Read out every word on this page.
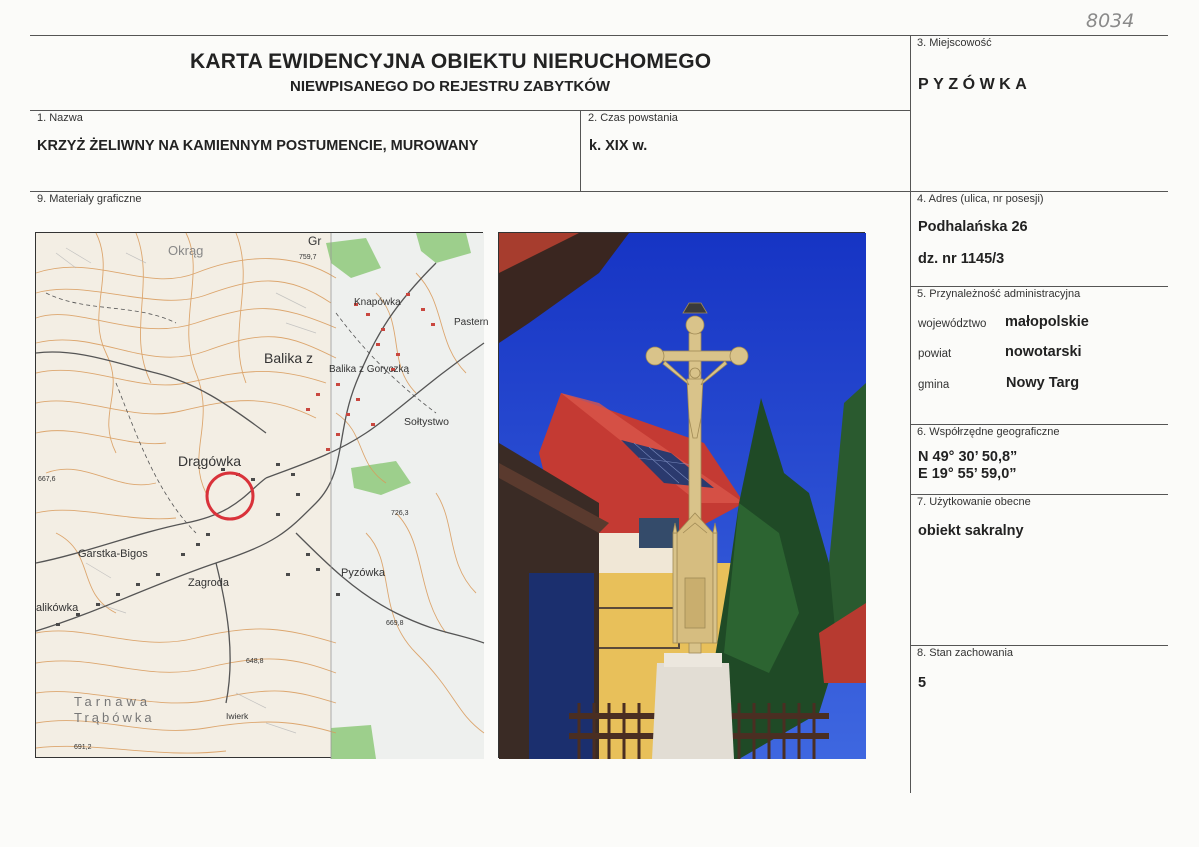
8034
KARTA EWIDENCYJNA OBIEKTU NIERUCHOMEGO
NIEWPISANEGO DO REJESTRU ZABYTKÓW
3. Miejscowość
PYZÓWKA
1. Nazwa
KRZYŻ ŻELIWNY NA KAMIENNYM POSTUMENCIE, MUROWANY
2. Czas powstania
k. XIX w.
9. Materiały graficzne	4. Adres (ulica, nr posesji)
Podhalańska 26
dz. nr 1145/3
5. Przynależność administracyjna
województwo małopolskie
powiat	nowotarski
gmina	Nowy Targ
6. Współrzędne geograficzne
N 49° 30’ 50,8”
E 19° 55’ 59,0”
7. Użytkowanie obecne
obiekt sakralny
8. Stan zachowania
5
Okrąg
Gr
Knapówka
Pastern
Balika z
Balika z Goryczką
Sołtystwo
Drągówka
Garstka-Bigos
Zagroda
Pyzówka
alikówka
Tarnawa
Trąbówka	Iwierk
759,7
667,6
726,3
669,8
648,8
691,2
